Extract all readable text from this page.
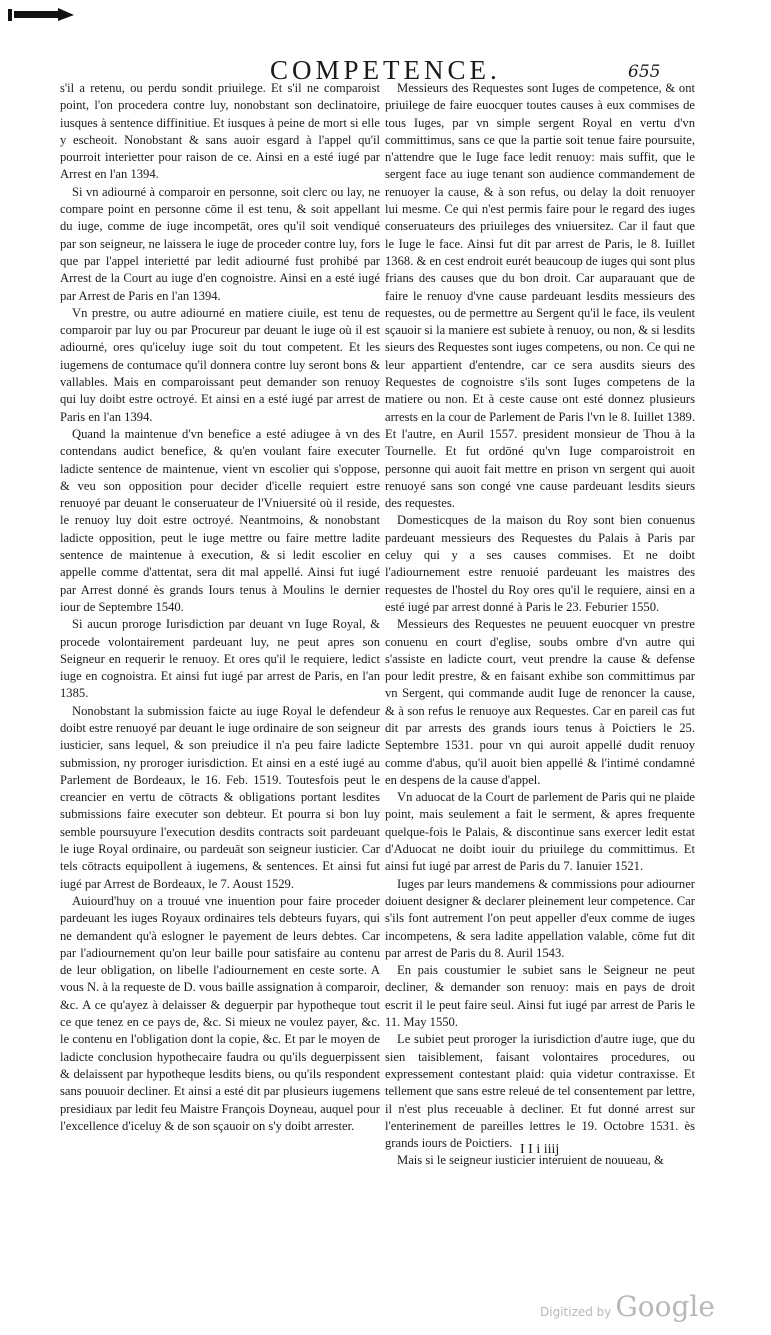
COMPETENCE.	655

s'il a retenu, ou perdu sondit priuilege. Et s'il ne comparoist point, l'on procedera contre luy, nonobstant son declinatoire, iusques à sentence diffinitiue. Et iusques à peine de mort si elle y escheoit. Nonobstant & sans auoir esgard à l'appel qu'il pourroit interietter pour raison de ce. Ainsi en a esté iugé par Arrest en l'an 1394.

Si vn adiourné à comparoir en personne, soit clerc ou lay, ne compare point en personne cōme il est tenu, & soit appellant du iuge, comme de iuge incompetāt, ores qu'il soit vendiqué par son seigneur, ne laissera le iuge de proceder contre luy, fors que par l'appel interietté par ledit adiourné fust prohibé par Arrest de la Court au iuge d'en cognoistre. Ainsi en a esté iugé par Arrest de Paris en l'an 1394.

Vn prestre, ou autre adiourné en matiere ciuile, est tenu de comparoir par luy ou par Procureur par deuant le iuge où il est adiourné, ores qu'iceluy iuge soit du tout competent. Et les iugemens de contumace qu'il donnera contre luy seront bons & vallables. Mais en comparoissant peut demander son renuoy qui luy doibt estre octroyé. Et ainsi en a esté iugé par arrest de Paris en l'an 1394.

Quand la maintenue d'vn benefice a esté adiugee à vn des contendans audict benefice, & qu'en voulant faire executer ladicte sentence de maintenue, vient vn escolier qui s'oppose, & veu son opposition pour decider d'icelle requiert estre renuoyé par deuant le conseruateur de l'Vniuersité où il reside, le renuoy luy doit estre octroyé. Neantmoins, & nonobstant ladicte opposition, peut le iuge mettre ou faire mettre ladite sentence de maintenue à execution, & si ledit escolier en appelle comme d'attentat, sera dit mal appellé. Ainsi fut iugé par Arrest donné ès grands Iours tenus à Moulins le dernier iour de Septembre 1540.

Si aucun proroge Iurisdiction par deuant vn Iuge Royal, & procede volontairement pardeuant luy, ne peut apres son Seigneur en requerir le renuoy. Et ores qu'il le requiere, ledict iuge en cognoistra. Et ainsi fut iugé par arrest de Paris, en l'an 1385.

Nonobstant la submission faicte au iuge Royal le defendeur doibt estre renuoyé par deuant le iuge ordinaire de son seigneur iusticier, sans lequel, & son preiudice il n'a peu faire ladicte submission, ny proroger iurisdiction. Et ainsi en a esté iugé au Parlement de Bordeaux, le 16. Feb. 1519. Toutesfois peut le creancier en vertu de cōtracts & obligations portant lesdites submissions faire executer son debteur. Et pourra si bon luy semble poursuyure l'execution desdits contracts soit pardeuant le iuge Royal ordinaire, ou pardeuāt son seigneur iusticier. Car tels cōtracts equipollent à iugemens, & sentences. Et ainsi fut iugé par Arrest de Bordeaux, le 7. Aoust 1529.

Auiourd'huy on a trouué vne inuention pour faire proceder pardeuant les iuges Royaux ordinaires tels debteurs fuyars, qui ne demandent qu'à eslogner le payement de leurs debtes. Car par l'adiournement qu'on leur baille pour satisfaire au contenu de leur obligation, on libelle l'adiournement en ceste sorte. A vous N. à la requeste de D. vous baille assignation à comparoir, &c. A ce qu'ayez à delaisser & deguerpir par hypotheque tout ce que tenez en ce pays de, &c. Si mieux ne voulez payer, &c. le contenu en l'obligation dont la copie, &c. Et par le moyen de ladicte conclusion hypothecaire faudra ou qu'ils deguerpissent & delaissent par hypotheque lesdits biens, ou qu'ils respondent sans pouuoir decliner. Et ainsi a esté dit par plusieurs iugemens presidiaux par ledit feu Maistre François Doyneau, auquel pour l'excellence d'iceluy & de son sçauoir on s'y doibt arrester.

Messieurs des Requestes sont Iuges de competence, & ont priuilege de faire euocquer toutes causes à eux commises de tous Iuges, par vn simple sergent Royal en vertu d'vn committimus, sans ce que la partie soit tenue faire poursuite, n'attendre que le Iuge face ledit renuoy: mais suffit, que le sergent face au iuge tenant son audience commandement de renuoyer la cause, & à son refus, ou delay la doit renuoyer lui mesme. Ce qui n'est permis faire pour le regard des iuges conseruateurs des priuileges des vniuersitez. Car il faut que le Iuge le face. Ainsi fut dit par arrest de Paris, le 8. Iuillet 1368. & en cest endroit eurét beaucoup de iuges qui sont plus frians des causes que du bon droit. Car auparauant que de faire le renuoy d'vne cause pardeuant lesdits messieurs des requestes, ou de permettre au Sergent qu'il le face, ils veulent sçauoir si la maniere est subiete à renuoy, ou non, & si lesdits sieurs des Requestes sont iuges competens, ou non. Ce qui ne leur appartient d'entendre, car ce sera ausdits sieurs des Requestes de cognoistre s'ils sont Iuges competens de la matiere ou non. Et à ceste cause ont esté donnez plusieurs arrests en la cour de Parlement de Paris l'vn le 8. Iuillet 1389. Et l'autre, en Auril 1557. president monsieur de Thou à la Tournelle. Et fut ordōné qu'vn Iuge comparoistroit en personne qui auoit fait mettre en prison vn sergent qui auoit renuoyé sans son congé vne cause pardeuant lesdits sieurs des requestes.

Domesticques de la maison du Roy sont bien conuenus pardeuant messieurs des Requestes du Palais à Paris par celuy qui y a ses causes commises. Et ne doibt l'adiournement estre renuoié pardeuant les maistres des requestes de l'hostel du Roy ores qu'il le requiere, ainsi en a esté iugé par arrest donné à Paris le 23. Feburier 1550.

Messieurs des Requestes ne peuuent euocquer vn prestre conuenu en court d'eglise, soubs ombre d'vn autre qui s'assiste en ladicte court, veut prendre la cause & defense pour ledit prestre, & en faisant exhibe son committimus par vn Sergent, qui commande audit Iuge de renoncer la cause, & à son refus le renuoye aux Requestes. Car en pareil cas fut dit par arrests des grands iours tenus à Poictiers le 25. Septembre 1531. pour vn qui auroit appellé dudit renuoy comme d'abus, qu'il auoit bien appellé & l'intimé condamné en despens de la cause d'appel.

Vn aduocat de la Court de parlement de Paris qui ne plaide point, mais seulement a fait le serment, & apres frequente quelque-fois le Palais, & discontinue sans exercer ledit estat d'Aduocat ne doibt iouir du priuilege du committimus. Et ainsi fut iugé par arrest de Paris du 7. Ianuier 1521.

Iuges par leurs mandemens & commissions pour adiourner doiuent designer & declarer pleinement leur competence. Car s'ils font autrement l'on peut appeller d'eux comme de iuges incompetens, & sera ladite appellation valable, cōme fut dit par arrest de Paris du 8. Auril 1543.

En pais coustumier le subiet sans le Seigneur ne peut decliner, & demander son renuoy: mais en pays de droit escrit il le peut faire seul. Ainsi fut iugé par arrest de Paris le 11. May 1550.

Le subiet peut proroger la iurisdiction d'autre iuge, que du sien taisiblement, faisant volontaires procedures, ou expressement contestant plaid: quia videtur contraxisse. Et tellement que sans estre releué de tel consentement par lettre, il n'est plus receuable à decliner. Et fut donné arrest sur l'enterinement de pareilles lettres le 19. Octobre 1531. ès grands iours de Poictiers.

Mais si le seigneur iusticier interuient de nouueau, &

I I i iiij
Digitized by Google
